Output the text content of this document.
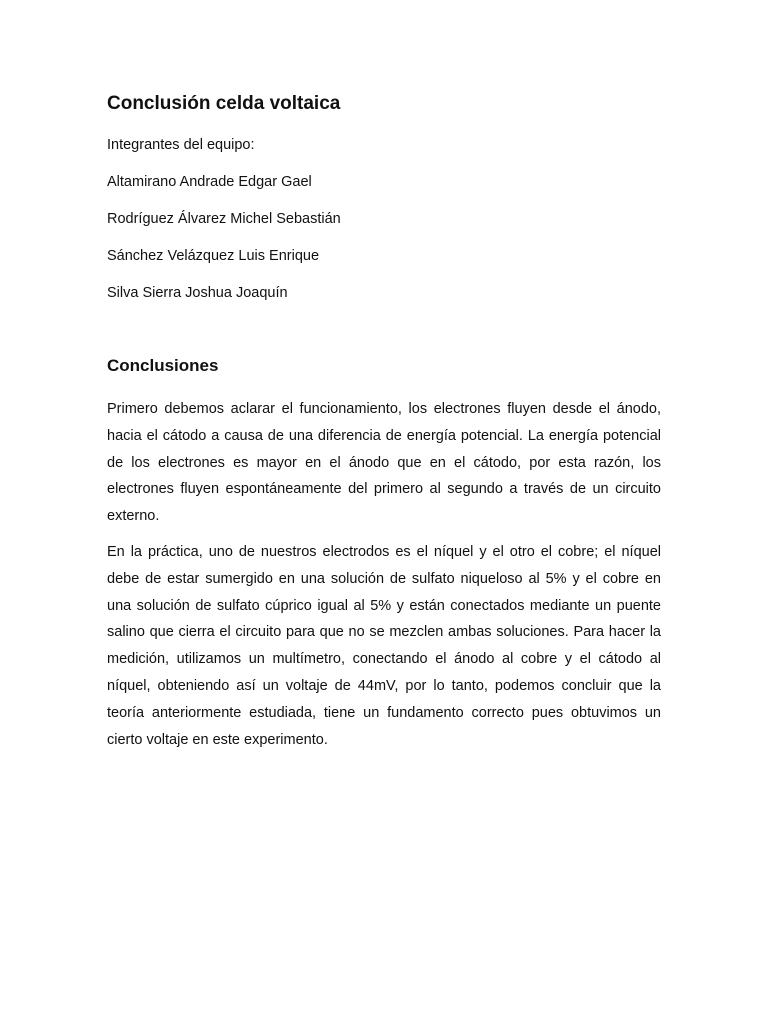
Conclusión celda voltaica

Integrantes del equipo:

Altamirano Andrade Edgar Gael
Rodríguez Álvarez Michel Sebastián
Sánchez Velázquez Luis Enrique
Silva Sierra Joshua Joaquín
Conclusiones

Primero debemos aclarar el funcionamiento, los electrones fluyen desde el ánodo, hacia el cátodo a causa de una diferencia de energía potencial. La energía potencial de los electrones es mayor en el ánodo que en el cátodo, por esta razón, los electrones fluyen espontáneamente del primero al segundo a través de un circuito externo.

En la práctica, uno de nuestros electrodos es el níquel y el otro el cobre; el níquel debe de estar sumergido en una solución de sulfato niqueloso al 5% y el cobre en una solución de sulfato cúprico igual al 5% y están conectados mediante un puente salino que cierra el circuito para que no se mezclen ambas soluciones. Para hacer la medición, utilizamos un multímetro, conectando el ánodo al cobre y el cátodo al níquel, obteniendo así un voltaje de 44mV, por lo tanto, podemos concluir que la teoría anteriormente estudiada, tiene un fundamento correcto pues obtuvimos un cierto voltaje en este experimento.
